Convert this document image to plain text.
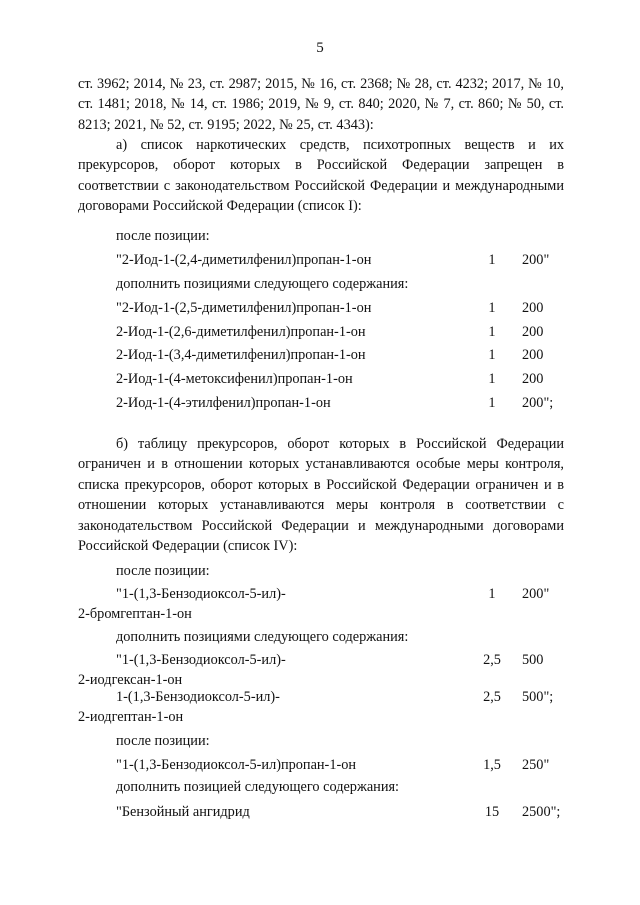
5

ст. 3962; 2014, № 23, ст. 2987; 2015, № 16, ст. 2368; № 28, ст. 4232; 2017, № 10, ст. 1481; 2018, № 14, ст. 1986; 2019, № 9, ст. 840; 2020, № 7, ст. 860; № 50, ст. 8213; 2021, № 52, ст. 9195; 2022, № 25, ст. 4343):

а) список наркотических средств, психотропных веществ и их прекурсоров, оборот которых в Российской Федерации запрещен в соответствии с законодательством Российской Федерации и международными договорами Российской Федерации (список I):

после позиции:
"2-Иод-1-(2,4-диметилфенил)пропан-1-он	1	200"
дополнить позициями следующего содержания:
"2-Иод-1-(2,5-диметилфенил)пропан-1-он	1	200
2-Иод-1-(2,6-диметилфенил)пропан-1-он	1	200
2-Иод-1-(3,4-диметилфенил)пропан-1-он	1	200
2-Иод-1-(4-метоксифенил)пропан-1-он	1	200
2-Иод-1-(4-этилфенил)пропан-1-он	1	200";

б) таблицу прекурсоров, оборот которых в Российской Федерации ограничен и в отношении которых устанавливаются особые меры контроля, списка прекурсоров, оборот которых в Российской Федерации ограничен и в отношении которых устанавливаются меры контроля в соответствии с законодательством Российской Федерации и международными договорами Российской Федерации (список IV):

после позиции:
"1-(1,3-Бензодиоксол-5-ил)-
2-бромгептан-1-он
1	200"
дополнить позициями следующего содержания:
"1-(1,3-Бензодиоксол-5-ил)-
2-иодгексан-1-он
2,5	500
1-(1,3-Бензодиоксол-5-ил)-
2-иодгептан-1-он
2,5	500";
после позиции:
"1-(1,3-Бензодиоксол-5-ил)пропан-1-он	1,5	250"
дополнить позицией следующего содержания:
"Бензойный ангидрид	15	2500";
